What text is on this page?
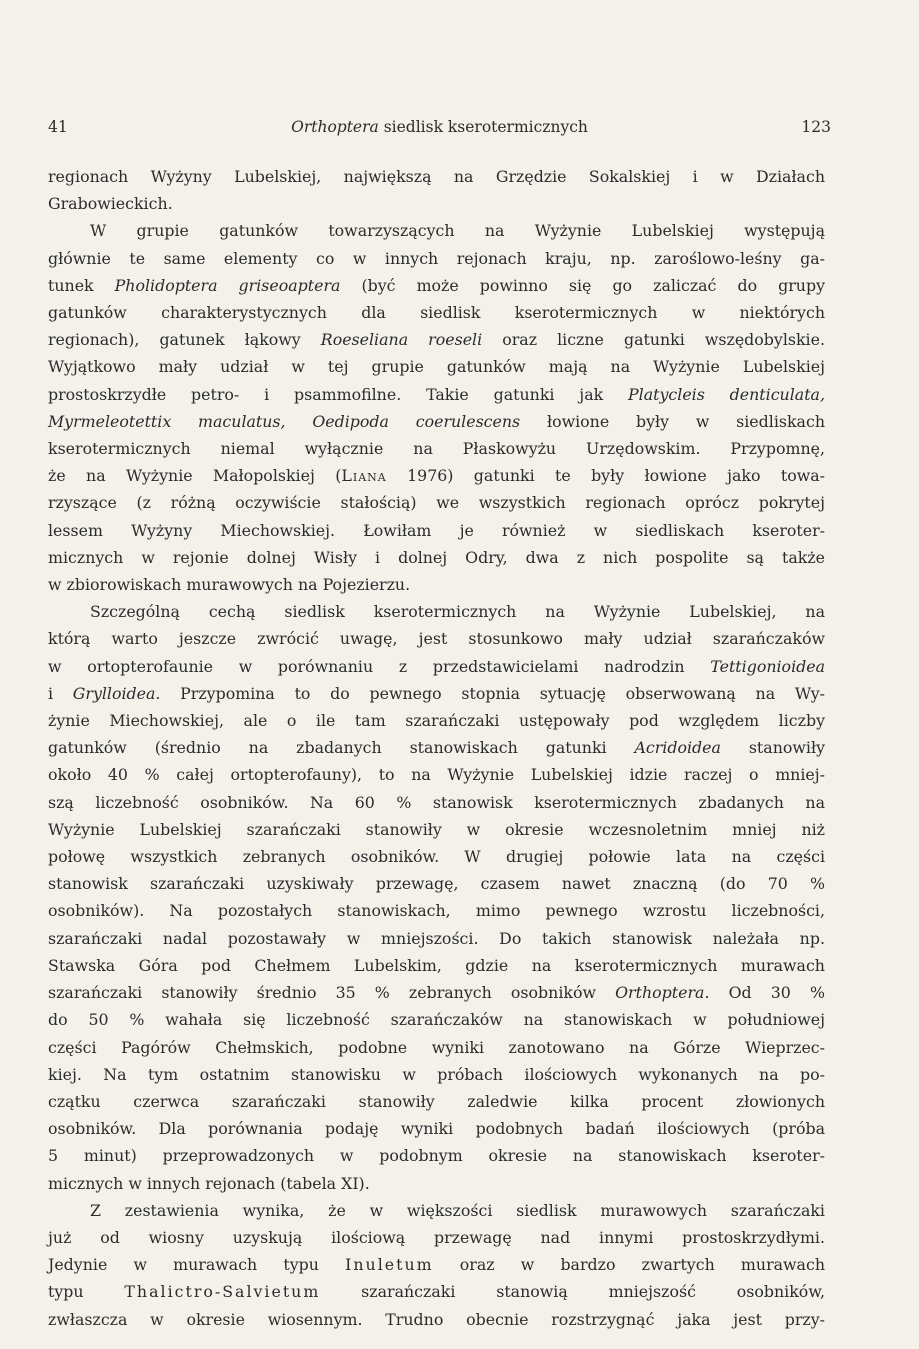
41	Orthoptera siedlisk kserotermicznych	123

regionach Wyżyny Lubelskiej, największą na Grzędzie Sokalskiej i w Działach

Grabowieckich.

W grupie gatunków towarzyszących na Wyżynie Lubelskiej występują

głównie te same elementy co w innych rejonach kraju, np. zaroślowo-leśny ga-

tunek Pholidoptera griseoaptera (być może powinno się go zaliczać do grupy

gatunków charakterystycznych dla siedlisk kserotermicznych w niektórych

regionach), gatunek łąkowy Roeseliana roeseli oraz liczne gatunki wszędobylskie.

Wyjątkowo mały udział w tej grupie gatunków mają na Wyżynie Lubelskiej

prostoskrzydłe petro- i psammofilne. Takie gatunki jak Platycleis denticulata,

Myrmeleotettix maculatus, Oedipoda coerulescens łowione były w siedliskach

kserotermicznych niemal wyłącznie na Płaskowyżu Urzędowskim. Przypomnę,

że na Wyżynie Małopolskiej (Liana 1976) gatunki te były łowione jako towa-

rzyszące (z różną oczywiście stałością) we wszystkich regionach oprócz pokrytej

lessem Wyżyny Miechowskiej. Łowiłam je również w siedliskach kseroter-

micznych w rejonie dolnej Wisły i dolnej Odry, dwa z nich pospolite są także

w zbiorowiskach murawowych na Pojezierzu.

Szczególną cechą siedlisk kserotermicznych na Wyżynie Lubelskiej, na

którą warto jeszcze zwrócić uwagę, jest stosunkowo mały udział szarańczaków

w ortopterofaunie w porównaniu z przedstawicielami nadrodzin Tettigonioidea

i Grylloidea. Przypomina to do pewnego stopnia sytuację obserwowaną na Wy-

żynie Miechowskiej, ale o ile tam szarańczaki ustępowały pod względem liczby

gatunków (średnio na zbadanych stanowiskach gatunki Acridoidea stanowiły

około 40 % całej ortopterofauny), to na Wyżynie Lubelskiej idzie raczej o mniej-

szą liczebność osobników. Na 60 % stanowisk kserotermicznych zbadanych na

Wyżynie Lubelskiej szarańczaki stanowiły w okresie wczesnoletnim mniej niż

połowę wszystkich zebranych osobników. W drugiej połowie lata na części

stanowisk szarańczaki uzyskiwały przewagę, czasem nawet znaczną (do 70 %

osobników). Na pozostałych stanowiskach, mimo pewnego wzrostu liczebności,

szarańczaki nadal pozostawały w mniejszości. Do takich stanowisk należała np.

Stawska Góra pod Chełmem Lubelskim, gdzie na kserotermicznych murawach

szarańczaki stanowiły średnio 35 % zebranych osobników Orthoptera. Od 30 %

do 50 % wahała się liczebność szarańczaków na stanowiskach w południowej

części Pagórów Chełmskich, podobne wyniki zanotowano na Górze Wieprzec-

kiej. Na tym ostatnim stanowisku w próbach ilościowych wykonanych na po-

czątku czerwca szarańczaki stanowiły zaledwie kilka procent złowionych

osobników. Dla porównania podaję wyniki podobnych badań ilościowych (próba

5 minut) przeprowadzonych w podobnym okresie na stanowiskach kseroter-

micznych w innych rejonach (tabela XI).

Z zestawienia wynika, że w większości siedlisk murawowych szarańczaki

już od wiosny uzyskują ilościową przewagę nad innymi prostoskrzydłymi.

Jedynie w murawach typu Inuletum oraz w bardzo zwartych murawach

typu Thalictro-Salvietum szarańczaki stanowią mniejszość osobników,

zwłaszcza w okresie wiosennym. Trudno obecnie rozstrzygnąć jaka jest przy-
